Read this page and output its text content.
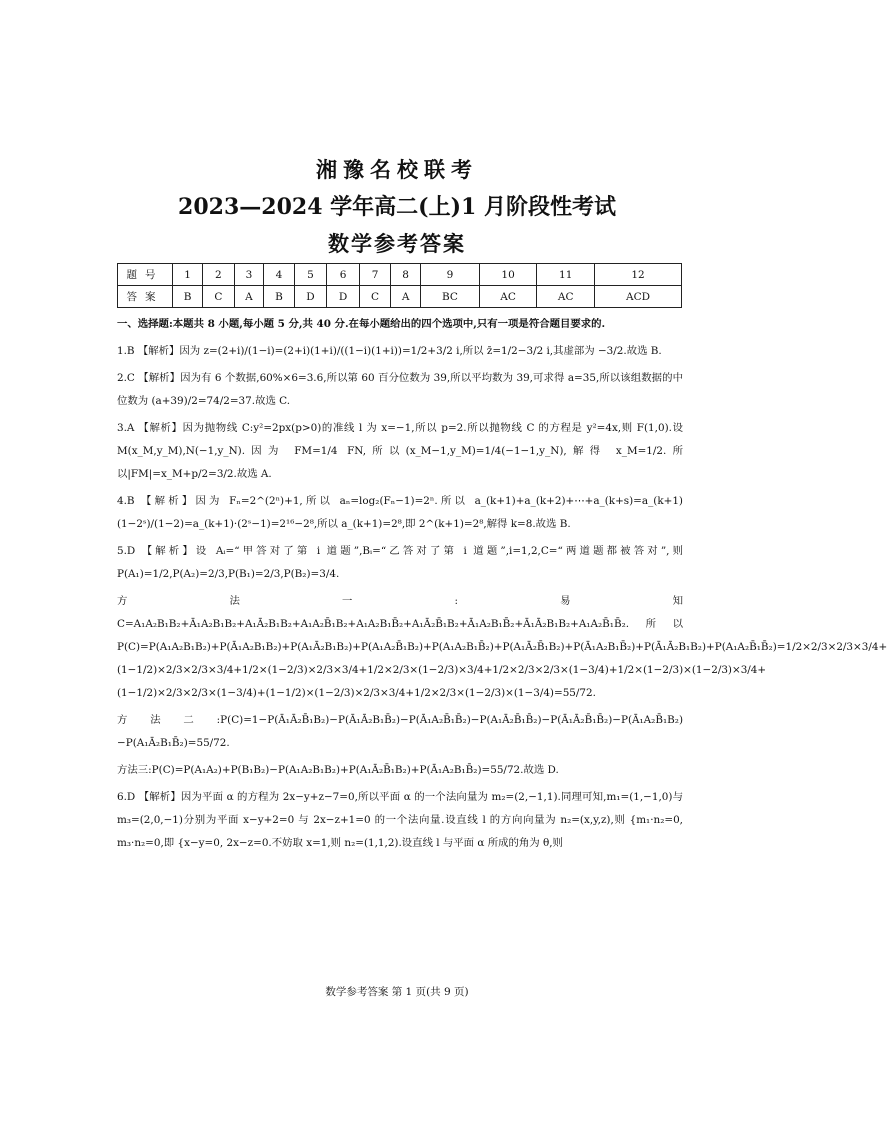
湘豫名校联考
2023—2024 学年高二(上)1 月阶段性考试
数学参考答案
题号	1	2	3	4	5	6	7	8	9	10	11	12
答案	B	C	A	B	D	D	C	A	BC	AC	AC	ACD

一、选择题:本题共 8 小题,每小题 5 分,共 40 分.在每小题给出的四个选项中,只有一项是符合题目要求的.

1.B 【解析】因为 z=(2+i)/(1−i)=(2+i)(1+i)/((1−i)(1+i))=1/2+3/2 i,所以 z̄=1/2−3/2 i,其虚部为 −3/2.故选 B.

2.C 【解析】因为有 6 个数据,60%×6=3.6,所以第 60 百分位数为 39,所以平均数为 39,可求得 a=35,所以该组数据的中位数为 (a+39)/2=74/2=37.故选 C.

3.A 【解析】因为抛物线 C:y²=2px(p>0)的准线 l 为 x=−1,所以 p=2.所以抛物线 C 的方程是 y²=4x,则 F(1,0).设 M(x_M,y_M),N(−1,y_N).因为 FM=1/4 FN,所以(x_M−1,y_M)=1/4(−1−1,y_N),解得 x_M=1/2.所以|FM|=x_M+p/2=3/2.故选 A.

4.B 【解析】因为 Fₙ=2^(2ⁿ)+1,所以 aₙ=log₂(Fₙ−1)=2ⁿ.所以 a_(k+1)+a_(k+2)+⋯+a_(k+s)=a_(k+1)(1−2ˢ)/(1−2)=a_(k+1)·(2ˢ−1)=2¹⁶−2⁸,所以 a_(k+1)=2⁸,即 2^(k+1)=2⁸,解得 k=8.故选 B.

5.D 【解析】设 Aᵢ=“甲答对了第 i 道题”,Bᵢ=“乙答对了第 i 道题”,i=1,2,C=“两道题都被答对”,则 P(A₁)=1/2,P(A₂)=2/3,P(B₁)=2/3,P(B₂)=3/4.

方法一:易知 C=A₁A₂B₁B₂+Ā₁A₂B₁B₂+A₁Ā₂B₁B₂+A₁A₂B̄₁B₂+A₁A₂B₁B̄₂+A₁Ā₂B̄₁B₂+Ā₁A₂B₁B̄₂+Ā₁Ā₂B₁B₂+A₁A₂B̄₁B̄₂.所以 P(C)=P(A₁A₂B₁B₂)+P(Ā₁A₂B₁B₂)+P(A₁Ā₂B₁B₂)+P(A₁A₂B̄₁B₂)+P(A₁A₂B₁B̄₂)+P(A₁Ā₂B̄₁B₂)+P(Ā₁A₂B₁B̄₂)+P(Ā₁Ā₂B₁B₂)+P(A₁A₂B̄₁B̄₂)=1/2×2/3×2/3×3/4+(1−1/2)×2/3×2/3×3/4+1/2×(1−2/3)×2/3×3/4+1/2×2/3×(1−2/3)×3/4+1/2×2/3×2/3×(1−3/4)+1/2×(1−2/3)×(1−2/3)×3/4+(1−1/2)×2/3×2/3×(1−3/4)+(1−1/2)×(1−2/3)×2/3×3/4+1/2×2/3×(1−2/3)×(1−3/4)=55/72.

方法二:P(C)=1−P(Ā₁Ā₂B̄₁B₂)−P(Ā₁Ā₂B₁B̄₂)−P(Ā₁A₂B̄₁B̄₂)−P(A₁Ā₂B̄₁B̄₂)−P(Ā₁Ā₂B̄₁B̄₂)−P(Ā₁A₂B̄₁B₂)−P(A₁Ā₂B₁B̄₂)=55/72.

方法三:P(C)=P(A₁A₂)+P(B₁B₂)−P(A₁A₂B₁B₂)+P(A₁Ā₂B̄₁B₂)+P(Ā₁A₂B₁B̄₂)=55/72.故选 D.

6.D 【解析】因为平面 α 的方程为 2x−y+z−7=0,所以平面 α 的一个法向量为 m₂=(2,−1,1).同理可知,m₁=(1,−1,0)与 m₃=(2,0,−1)分别为平面 x−y+2=0 与 2x−z+1=0 的一个法向量.设直线 l 的方向向量为 n₂=(x,y,z),则 {m₁·n₂=0, m₃·n₂=0,即 {x−y=0, 2x−z=0.不妨取 x=1,则 n₂=(1,1,2).设直线 l 与平面 α 所成的角为 θ,则

数学参考答案 第 1 页(共 9 页)
